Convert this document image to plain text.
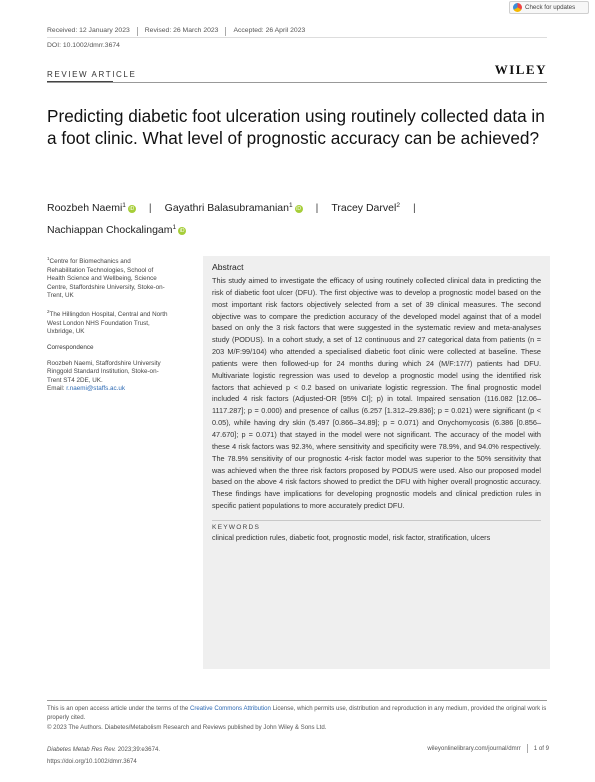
Check for updates
Received: 12 January 2023 Revised: 26 March 2023 Accepted: 26 April 2023
DOI: 10.1002/dmrr.3674
REVIEW ARTICLE	WILEY
Predicting diabetic foot ulceration using routinely collected data in a foot clinic. What level of prognostic accuracy can be achieved?
Roozbeh Naemi$^1$ iD | Gayathri Balasubramanian$^1$ iD | Tracey Darvel$^2$ |
Nachiappan Chockalingam$^1$ iD

$^1$Centre for Biomechanics and Rehabilitation Technologies, School of Health Science and Wellbeing, Science Centre, Staffordshire University, Stoke-on-Trent, UK

$^2$The Hillingdon Hospital, Central and North West London NHS Foundation Trust, Uxbridge, UK

Correspondence

Roozbeh Naemi, Staffordshire University Ringgold Standard Institution, Stoke-on-Trent ST4 2DE, UK.
Email: r.naemi@staffs.ac.uk

Abstract
This study aimed to investigate the efficacy of using routinely collected clinical data in predicting the risk of diabetic foot ulcer (DFU). The first objective was to develop a prognostic model based on the most important risk factors objectively selected from a set of 39 clinical measures. The second objective was to compare the prediction accuracy of the developed model against that of a model based on only the 3 risk factors that were suggested in the systematic review and meta-analyses study (PODUS). In a cohort study, a set of 12 continuous and 27 categorical data from patients (n = 203 M/F:99/104) who attended a specialised diabetic foot clinic were collected at baseline. These patients were then followed-up for 24 months during which 24 (M/F:17/7) patients had DFU. Multivariate logistic regression was used to develop a prognostic model using the identified risk factors that achieved p < 0.2 based on univariate logistic regression. The final prognostic model included 4 risk factors (Adjusted-OR [95% CI]; p) in total. Impaired sensation (116.082 [12.06–1117.287]; p = 0.000) and presence of callus (6.257 [1.312–29.836]; p = 0.021) were significant (p < 0.05), while having dry skin (5.497 [0.866–34.89]; p = 0.071) and Onychomycosis (6.386 [0.856–47.670]; p = 0.071) that stayed in the model were not significant. The accuracy of the model with these 4 risk factors was 92.3%, where sensitivity and specificity were 78.9%, and 94.0% respectively. The 78.9% sensitivity of our prognostic 4-risk factor model was superior to the 50% sensitivity that was achieved when the three risk factors proposed by PODUS were used. Also our proposed model based on the above 4 risk factors showed to predict the DFU with higher overall prognostic accuracy. These findings have implications for developing prognostic models and clinical prediction rules in specific patient populations to more accurately predict DFU.
KEYWORDS
clinical prediction rules, diabetic foot, prognostic model, risk factor, stratification, ulcers
This is an open access article under the terms of the Creative Commons Attribution License, which permits use, distribution and reproduction in any medium, provided the original work is properly cited.
© 2023 The Authors. Diabetes/Metabolism Research and Reviews published by John Wiley & Sons Ltd.
Diabetes Metab Res Rev. 2023;39:e3674.
https://doi.org/10.1002/dmrr.3674
wileyonlinelibrary.com/journal/dmrr 1 of 9
